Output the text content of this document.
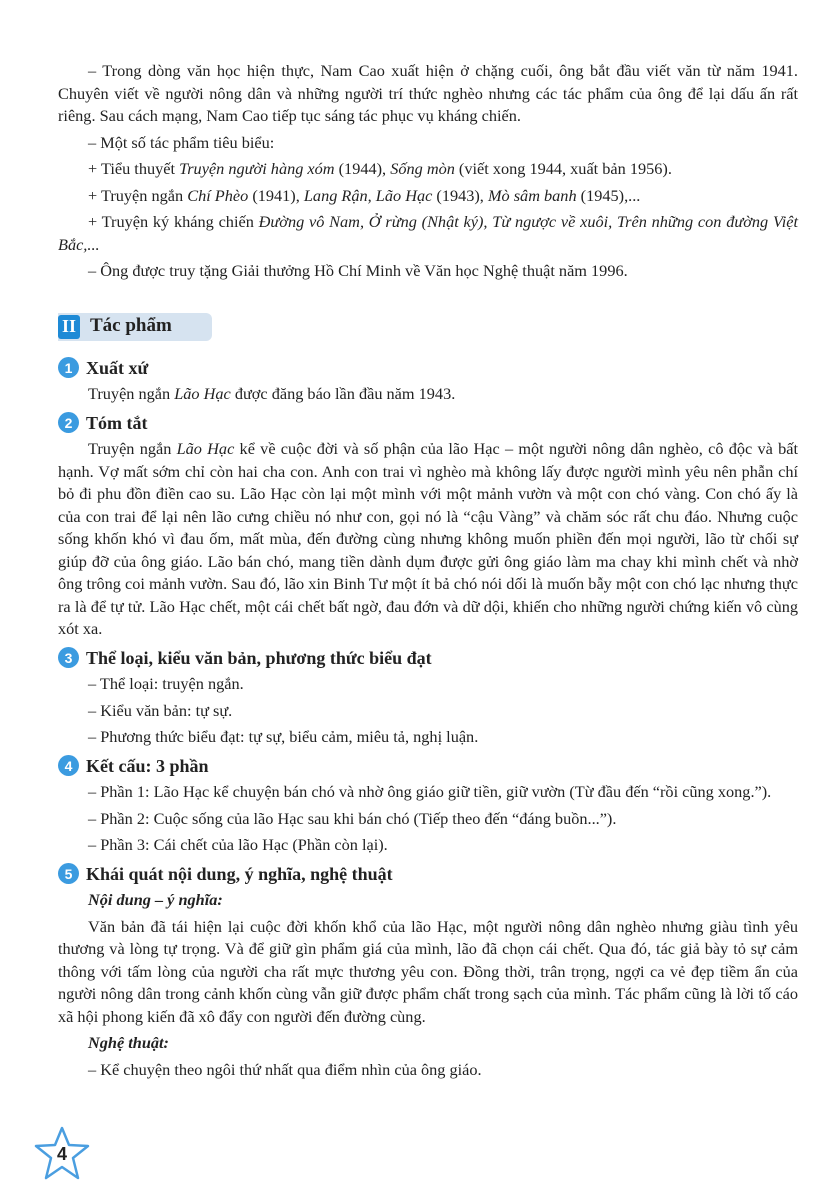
– Trong dòng văn học hiện thực, Nam Cao xuất hiện ở chặng cuối, ông bắt đầu viết văn từ năm 1941. Chuyên viết về người nông dân và những người trí thức nghèo nhưng các tác phẩm của ông để lại dấu ấn rất riêng. Sau cách mạng, Nam Cao tiếp tục sáng tác phục vụ kháng chiến.

– Một số tác phẩm tiêu biểu:

+ Tiểu thuyết Truyện người hàng xóm (1944), Sống mòn (viết xong 1944, xuất bản 1956).

+ Truyện ngắn Chí Phèo (1941), Lang Rận, Lão Hạc (1943), Mò sâm banh (1945),...

+ Truyện ký kháng chiến Đường vô Nam, Ở rừng (Nhật ký), Từ ngược về xuôi, Trên những con đường Việt Bắc,...

– Ông được truy tặng Giải thưởng Hồ Chí Minh về Văn học Nghệ thuật năm 1996.

II Tác phẩm
1 Xuất xứ

Truyện ngắn Lão Hạc được đăng báo lần đầu năm 1943.

2 Tóm tắt

Truyện ngắn Lão Hạc kể về cuộc đời và số phận của lão Hạc – một người nông dân nghèo, cô độc và bất hạnh. Vợ mất sớm chỉ còn hai cha con. Anh con trai vì nghèo mà không lấy được người mình yêu nên phẫn chí bỏ đi phu đồn điền cao su. Lão Hạc còn lại một mình với một mảnh vườn và một con chó vàng. Con chó ấy là của con trai để lại nên lão cưng chiều nó như con, gọi nó là “cậu Vàng” và chăm sóc rất chu đáo. Nhưng cuộc sống khốn khó vì đau ốm, mất mùa, đến đường cùng nhưng không muốn phiền đến mọi người, lão từ chối sự giúp đỡ của ông giáo. Lão bán chó, mang tiền dành dụm được gửi ông giáo làm ma chay khi mình chết và nhờ ông trông coi mảnh vườn. Sau đó, lão xin Binh Tư một ít bả chó nói dối là muốn bẫy một con chó lạc nhưng thực ra là để tự tử. Lão Hạc chết, một cái chết bất ngờ, đau đớn và dữ dội, khiến cho những người chứng kiến vô cùng xót xa.

3 Thể loại, kiểu văn bản, phương thức biểu đạt

– Thể loại: truyện ngắn.

– Kiểu văn bản: tự sự.

– Phương thức biểu đạt: tự sự, biểu cảm, miêu tả, nghị luận.

4 Kết cấu: 3 phần

– Phần 1: Lão Hạc kể chuyện bán chó và nhờ ông giáo giữ tiền, giữ vườn (Từ đầu đến “rồi cũng xong.”).

– Phần 2: Cuộc sống của lão Hạc sau khi bán chó (Tiếp theo đến “đáng buồn...”).

– Phần 3: Cái chết của lão Hạc (Phần còn lại).

5 Khái quát nội dung, ý nghĩa, nghệ thuật

Nội dung – ý nghĩa:

Văn bản đã tái hiện lại cuộc đời khốn khổ của lão Hạc, một người nông dân nghèo nhưng giàu tình yêu thương và lòng tự trọng. Và để giữ gìn phẩm giá của mình, lão đã chọn cái chết. Qua đó, tác giả bày tỏ sự cảm thông với tấm lòng của người cha rất mực thương yêu con. Đồng thời, trân trọng, ngợi ca vẻ đẹp tiềm ẩn của người nông dân trong cảnh khốn cùng vẫn giữ được phẩm chất trong sạch của mình. Tác phẩm cũng là lời tố cáo xã hội phong kiến đã xô đẩy con người đến đường cùng.

Nghệ thuật:

– Kể chuyện theo ngôi thứ nhất qua điểm nhìn của ông giáo.

4
